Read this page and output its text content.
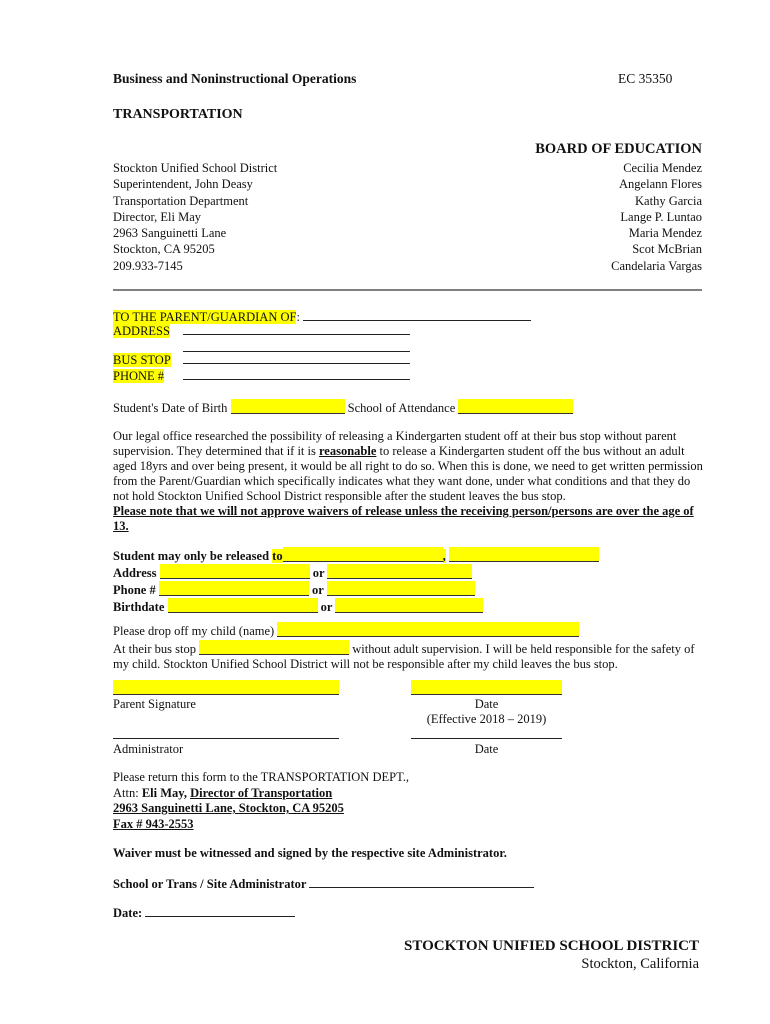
Business and Noninstructional Operations	EC 35350
TRANSPORTATION
BOARD OF EDUCATION
Stockton Unified School District
Superintendent, John Deasy
Transportation Department
Director, Eli May
2963 Sanguinetti Lane
Stockton, CA 95205
209.933-7145
Cecilia Mendez
Angelann Flores
Kathy Garcia
Lange P. Luntao
Maria Mendez
Scot McBrian
Candelaria Vargas
TO THE PARENT/GUARDIAN OF:
ADDRESS
BUS STOP
PHONE #
Student's Date of Birth	School of Attendance
Our legal office researched the possibility of releasing a Kindergarten student off at their bus stop without parent supervision. They determined that if it is reasonable to release a Kindergarten student off the bus without an adult aged 18yrs and over being present, it would be all right to do so. When this is done, we need to get written permission from the Parent/Guardian which specifically indicates what they want done, under what conditions and that they do not hold Stockton Unified School District responsible after the student leaves the bus stop.
Please note that we will not approve waivers of release unless the receiving person/persons are over the age of 13.
Student may only be released to	,
Address	or
Phone #	or
Birthdate	or
Please drop off my child (name)
At their bus stop	without adult supervision. I will be held responsible for the safety of
my child. Stockton Unified School District will not be responsible after my child leaves the bus stop.
Parent Signature	Date
(Effective 2018 – 2019)
Administrator	Date
Please return this form to the TRANSPORTATION DEPT.,
Attn: Eli May, Director of Transportation
2963 Sanguinetti Lane, Stockton, CA 95205
Fax # 943-2553
Waiver must be witnessed and signed by the respective site Administrator.
School or Trans / Site Administrator
Date:
STOCKTON UNIFIED SCHOOL DISTRICT
Stockton, California
